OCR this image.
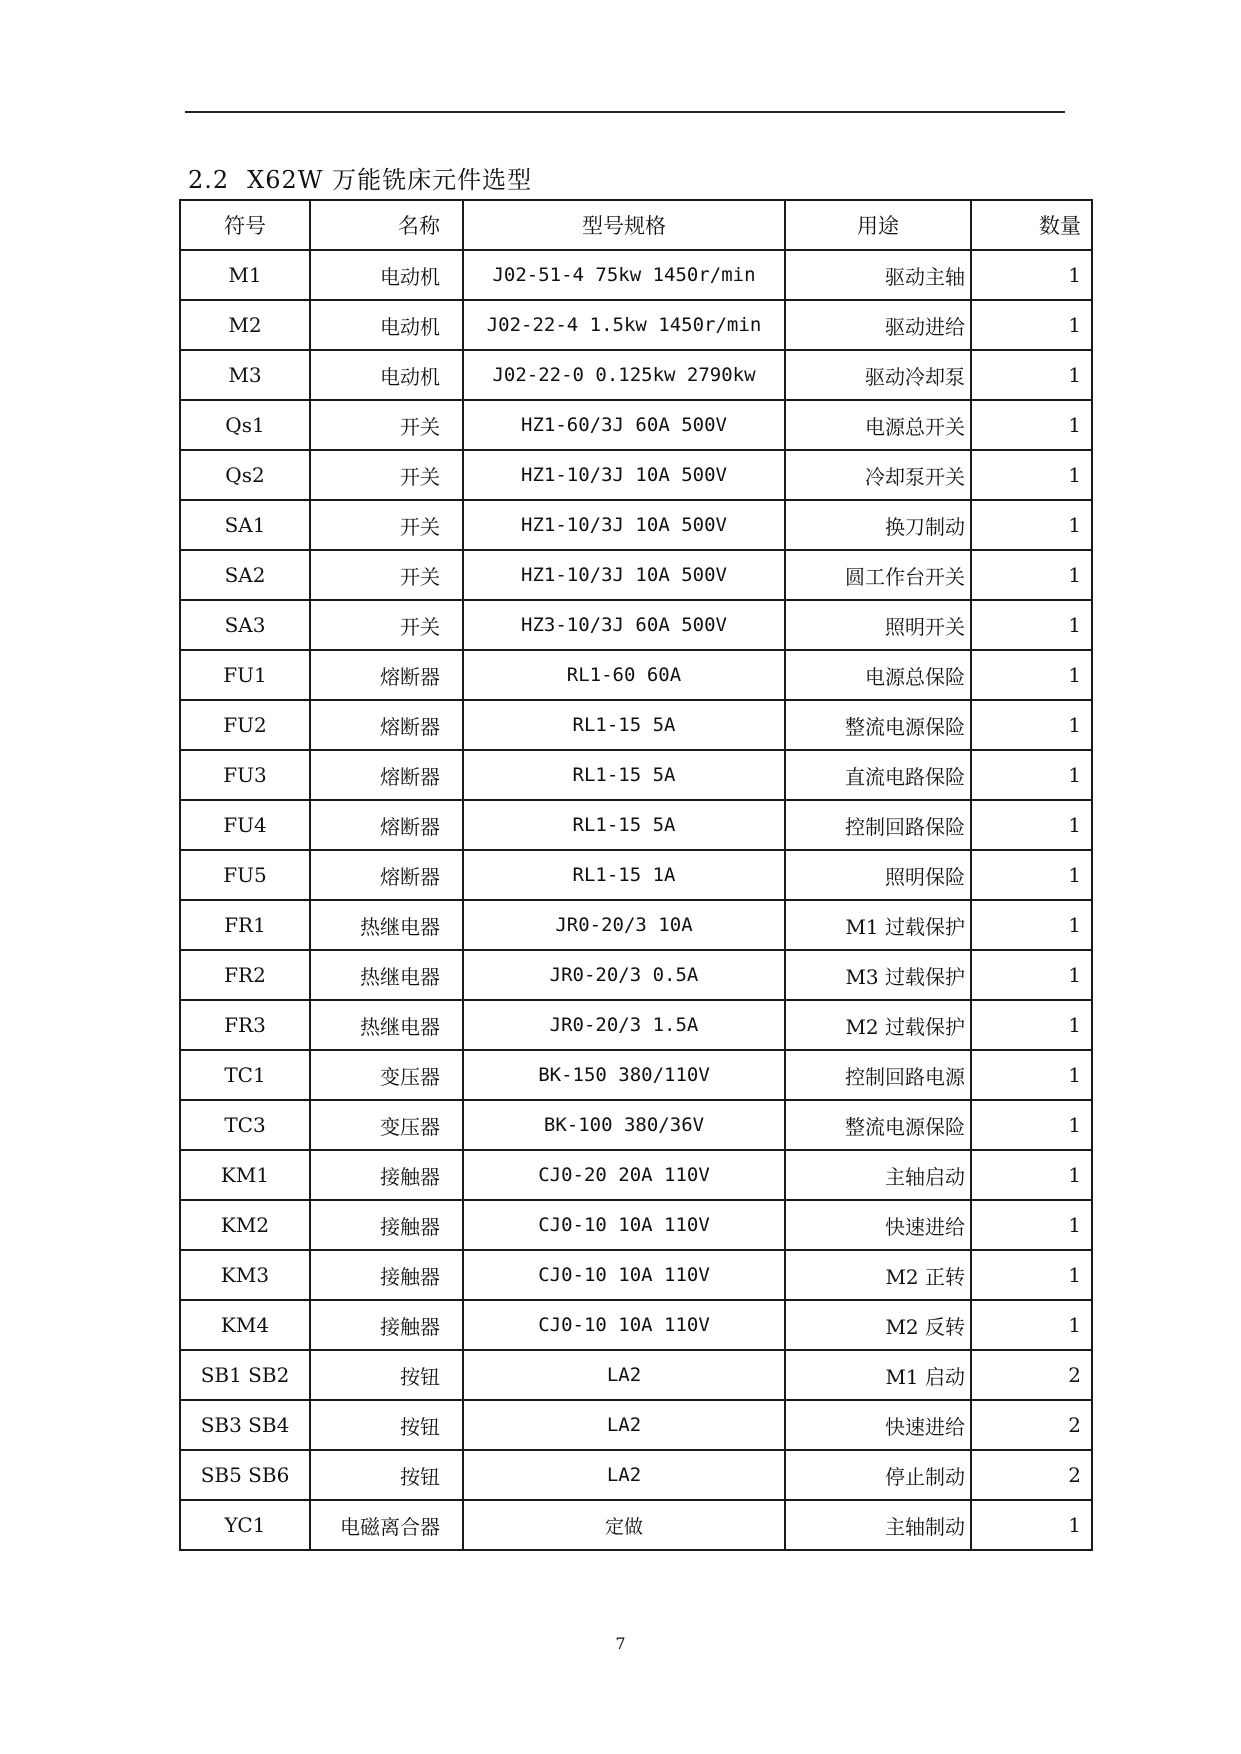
2.2 X62W 万能铣床元件选型
符号	名称	型号规格	用途	数量
M1	电动机	J02-51-4 75kw 1450r/min	驱动主轴	1
M2	电动机	J02-22-4 1.5kw 1450r/min	驱动进给	1
M3	电动机	J02-22-0 0.125kw 2790kw	驱动冷却泵	1
Qs1	开关	HZ1-60/3J 60A 500V	电源总开关	1
Qs2	开关	HZ1-10/3J 10A 500V	冷却泵开关	1
SA1	开关	HZ1-10/3J 10A 500V	换刀制动	1
SA2	开关	HZ1-10/3J 10A 500V	圆工作台开关	1
SA3	开关	HZ3-10/3J 60A 500V	照明开关	1
FU1	熔断器	RL1-60 60A	电源总保险	1
FU2	熔断器	RL1-15 5A	整流电源保险	1
FU3	熔断器	RL1-15 5A	直流电路保险	1
FU4	熔断器	RL1-15 5A	控制回路保险	1
FU5	熔断器	RL1-15 1A	照明保险	1
FR1	热继电器	JR0-20/3 10A	M1 过载保护	1
FR2	热继电器	JR0-20/3 0.5A	M3 过载保护	1
FR3	热继电器	JR0-20/3 1.5A	M2 过载保护	1
TC1	变压器	BK-150 380/110V	控制回路电源	1
TC3	变压器	BK-100 380/36V	整流电源保险	1
KM1	接触器	CJ0-20 20A 110V	主轴启动	1
KM2	接触器	CJ0-10 10A 110V	快速进给	1
KM3	接触器	CJ0-10 10A 110V	M2 正转	1
KM4	接触器	CJ0-10 10A 110V	M2 反转	1
SB1 SB2	按钮	LA2	M1 启动	2
SB3 SB4	按钮	LA2	快速进给	2
SB5 SB6	按钮	LA2	停止制动	2
YC1	电磁离合器	定做	主轴制动	1
7
